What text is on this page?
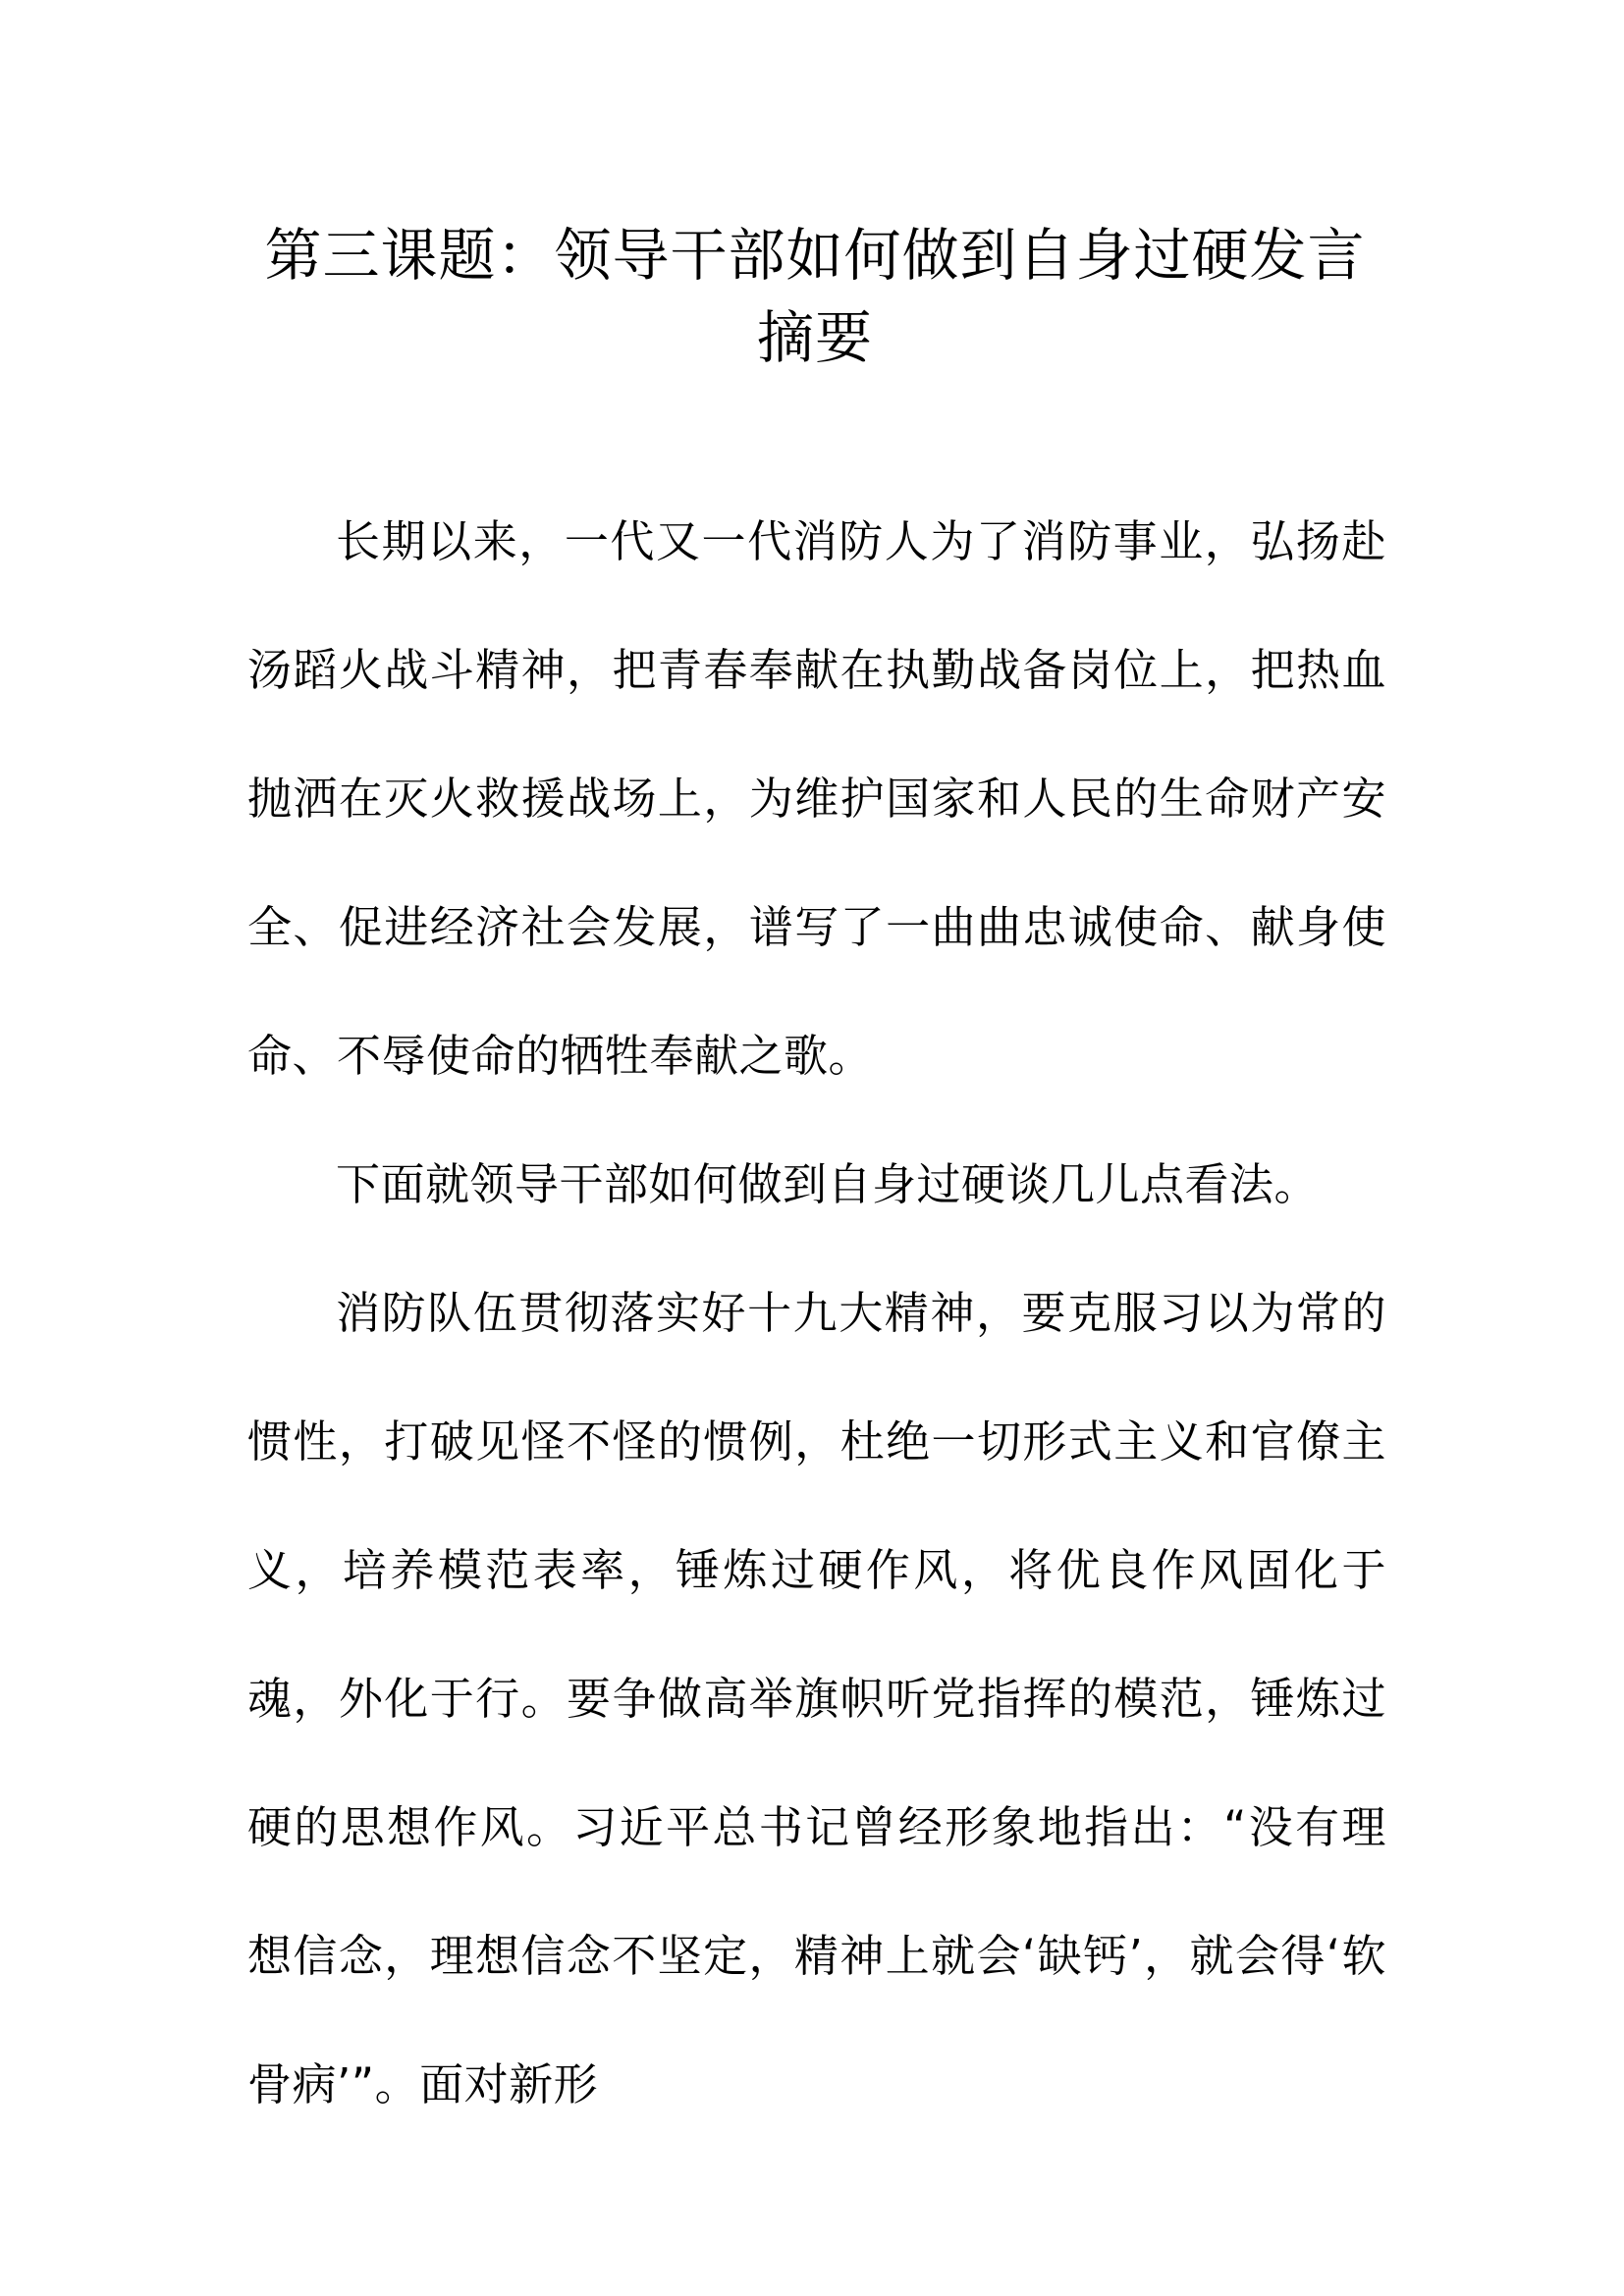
第三课题：领导干部如何做到自身过硬发言摘要

长期以来，一代又一代消防人为了消防事业，弘扬赴汤蹈火战斗精神，把青春奉献在执勤战备岗位上，把热血抛洒在灭火救援战场上，为维护国家和人民的生命财产安全、促进经济社会发展，谱写了一曲曲忠诚使命、献身使命、不辱使命的牺牲奉献之歌。

下面就领导干部如何做到自身过硬谈几儿点看法。

消防队伍贯彻落实好十九大精神，要克服习以为常的惯性，打破见怪不怪的惯例，杜绝一切形式主义和官僚主义，培养模范表率，锤炼过硬作风，将优良作风固化于魂，外化于行。要争做高举旗帜听党指挥的模范，锤炼过硬的思想作风。习近平总书记曾经形象地指出：“没有理想信念，理想信念不坚定，精神上就会‘缺钙’，就会得‘软骨病’”。面对新形
